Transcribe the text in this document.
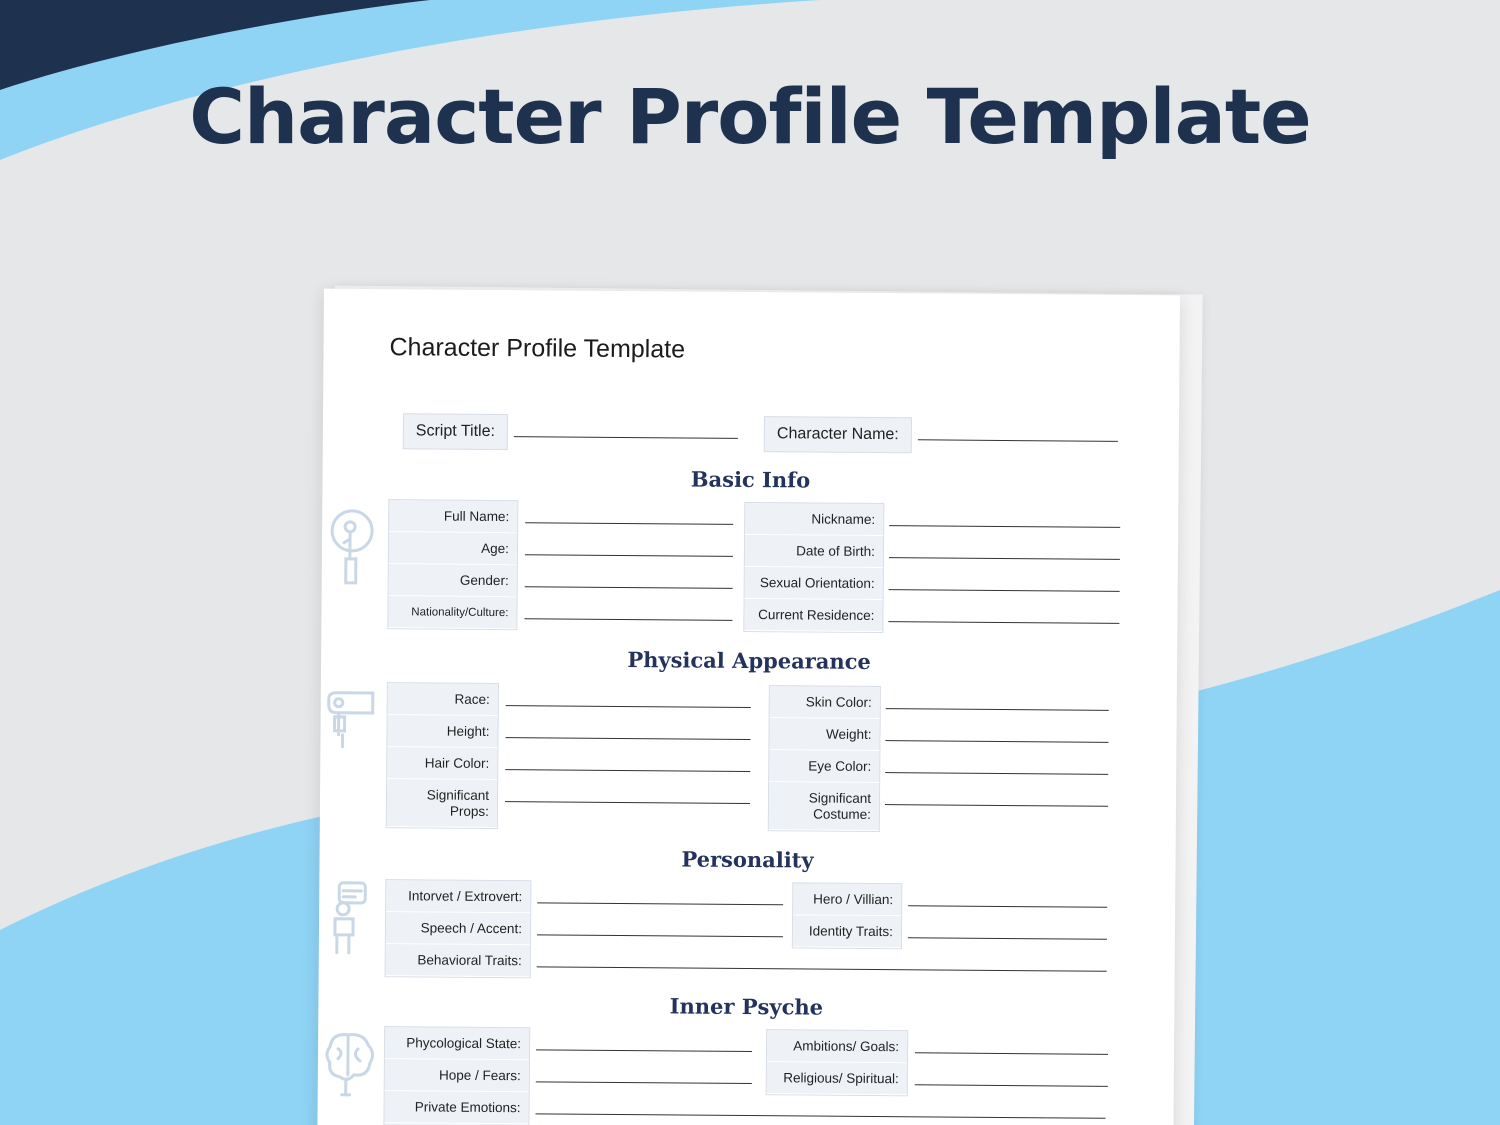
Character Profile Template
Character Profile Template
Script Title:	Character Name:
Basic Info
Full Name:
Age:
Gender:
Nationality/Culture:
Nickname:
Date of Birth:
Sexual Orientation:
Current Residence:
Physical Appearance
Race:
Height:
Hair Color:
Significant
Props:
Skin Color:
Weight:
Eye Color:
Significant
Costume:
Personality
Intorvet / Extrovert:
Speech / Accent:
Behavioral Traits:
Hero / Villian:
Identity Traits:
Inner Psyche
Phycological State:
Hope / Fears:
Private Emotions:
Ambitions/ Goals:
Religious/ Spiritual:
